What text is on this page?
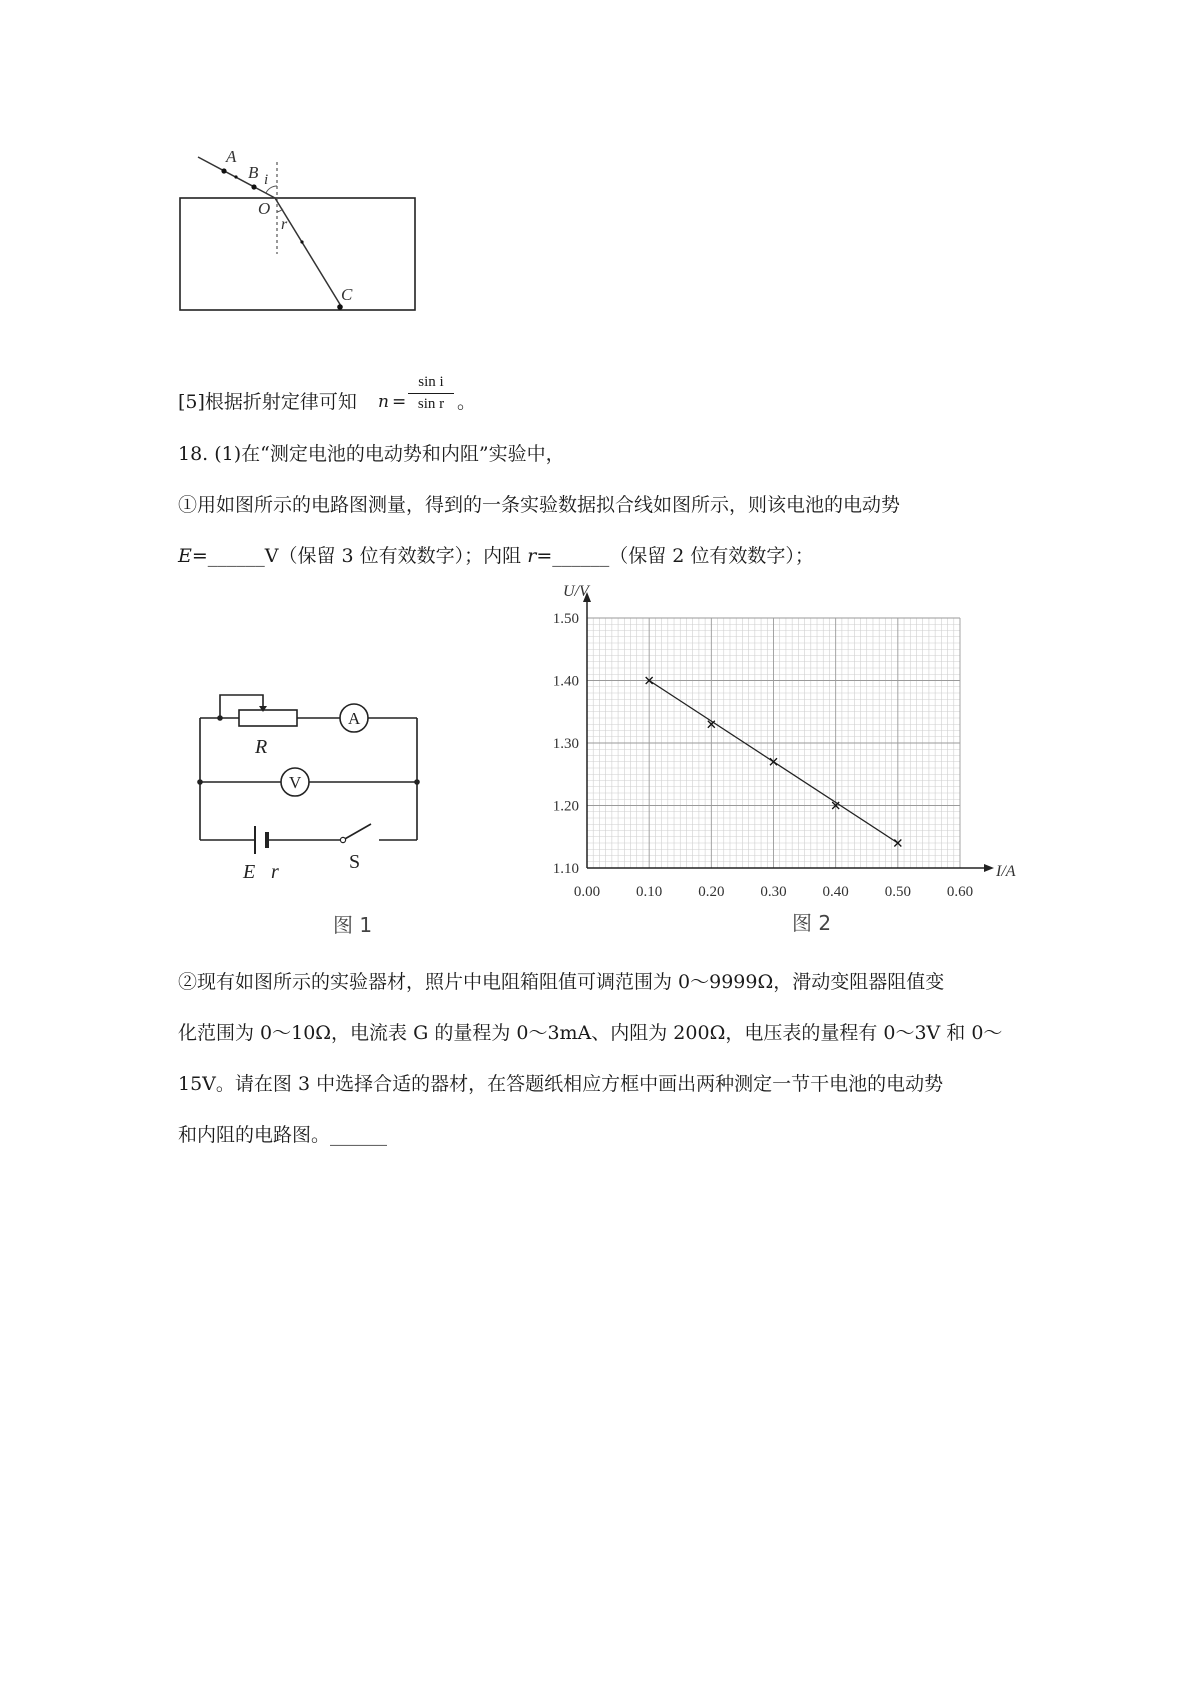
A
B i
O
r
C
[5]根据折射定律可知 n =
sin i
sin r 。
18. (1)在“测定电池的电动势和内阻”实验中，
①用如图所示的电路图测量，得到的一条实验数据拟合线如图所示，则该电池的电动势
E=______V（保留 3 位有效数字）；内阻 r=______（保留 2 位有效数字）；
A
V
R
E r	S
图 1
0.00 0.10 0.20 0.30 0.40 0.50 0.60
1.10
1.20
1.30
1.40
1.50
U/V
I/A
图 2
②现有如图所示的实验器材，照片中电阻箱阻值可调范围为 0～9999Ω，滑动变阻器阻值变
化范围为 0～10Ω，电流表 G 的量程为 0～3mA、内阻为 200Ω，电压表的量程有 0～3V 和 0～
15V。请在图 3 中选择合适的器材，在答题纸相应方框中画出两种测定一节干电池的电动势
和内阻的电路图。______
